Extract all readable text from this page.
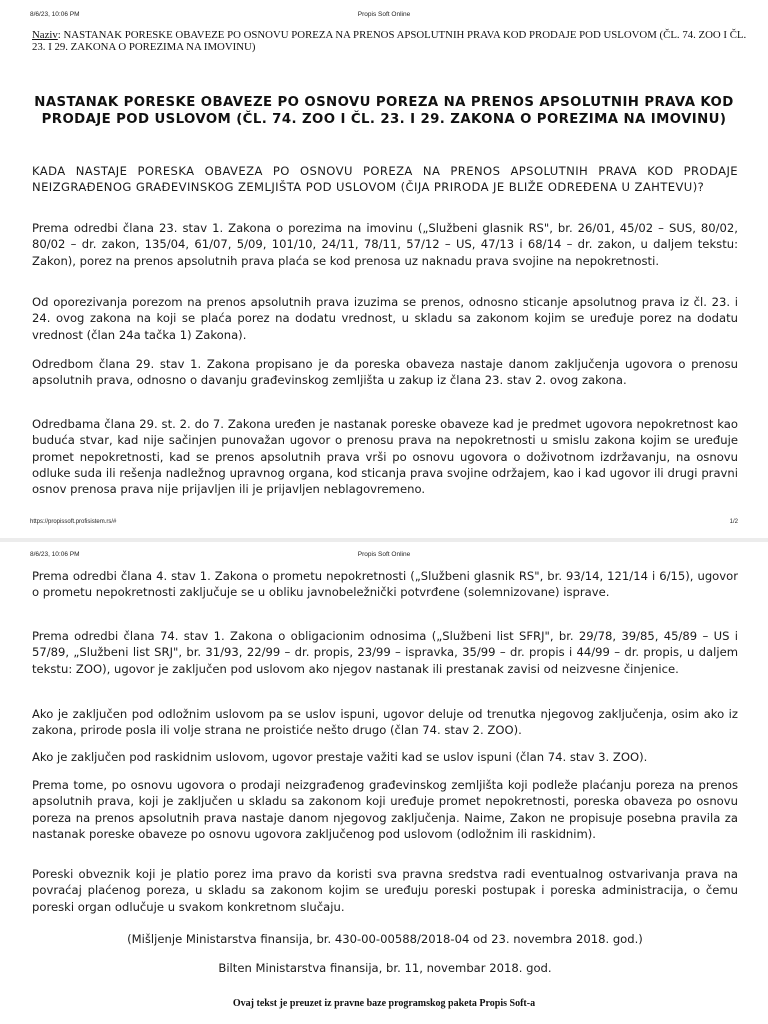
8/6/23, 10:06 PM	Propis Soft Online
Naziv: NASTANAK PORESKE OBAVEZE PO OSNOVU POREZA NA PRENOS APSOLUTNIH PRAVA KOD PRODAJE POD USLOVOM (ČL. 74. ZOO I ČL. 23. I 29. ZAKONA O POREZIMA NA IMOVINU)
NASTANAK PORESKE OBAVEZE PO OSNOVU POREZA NA PRENOS APSOLUTNIH PRAVA KOD PRODAJE POD USLOVOM (ČL. 74. ZOO I ČL. 23. I 29. ZAKONA O POREZIMA NA IMOVINU)

KADA NASTAJE PORESKA OBAVEZA PO OSNOVU POREZA NA PRENOS APSOLUTNIH PRAVA KOD PRODAJE NEIZGRAĐENOG GRAĐEVINSKOG ZEMLJIŠTA POD USLOVOM (ČIJA PRIRODA JE BLIŽE ODREĐENA U ZAHTEVU)?

Prema odredbi člana 23. stav 1. Zakona o porezima na imovinu („Službeni glasnik RS", br. 26/01, 45/02 – SUS, 80/02, 80/02 – dr. zakon, 135/04, 61/07, 5/09, 101/10, 24/11, 78/11, 57/12 – US, 47/13 i 68/14 – dr. zakon, u daljem tekstu: Zakon), porez na prenos apsolutnih prava plaća se kod prenosa uz naknadu prava svojine na nepokretnosti.

Od oporezivanja porezom na prenos apsolutnih prava izuzima se prenos, odnosno sticanje apsolutnog prava iz čl. 23. i 24. ovog zakona na koji se plaća porez na dodatu vrednost, u skladu sa zakonom kojim se uređuje porez na dodatu vrednost (član 24a tačka 1) Zakona).

Odredbom člana 29. stav 1. Zakona propisano je da poreska obaveza nastaje danom zaključenja ugovora o prenosu apsolutnih prava, odnosno o davanju građevinskog zemljišta u zakup iz člana 23. stav 2. ovog zakona.

Odredbama člana 29. st. 2. do 7. Zakona uređen je nastanak poreske obaveze kad je predmet ugovora nepokretnost kao buduća stvar, kad nije sačinjen punovažan ugovor o prenosu prava na nepokretnosti u smislu zakona kojim se uređuje promet nepokretnosti, kad se prenos apsolutnih prava vrši po osnovu ugovora o doživotnom izdržavanju, na osnovu odluke suda ili rešenja nadležnog upravnog organa, kod sticanja prava svojine održajem, kao i kad ugovor ili drugi pravni osnov prenosa prava nije prijavljen ili je prijavljen neblagovremeno.

https://propissoft.profisistem.rs/#	1/2
8/6/23, 10:06 PM	Propis Soft Online

Prema odredbi člana 4. stav 1. Zakona o prometu nepokretnosti („Službeni glasnik RS", br. 93/14, 121/14 i 6/15), ugovor o prometu nepokretnosti zaključuje se u obliku javnobeležnički potvrđene (solemnizovane) isprave.

Prema odredbi člana 74. stav 1. Zakona o obligacionim odnosima („Službeni list SFRJ", br. 29/78, 39/85, 45/89 – US i 57/89, „Službeni list SRJ", br. 31/93, 22/99 – dr. propis, 23/99 – ispravka, 35/99 – dr. propis i 44/99 – dr. propis, u daljem tekstu: ZOO), ugovor je zaključen pod uslovom ako njegov nastanak ili prestanak zavisi od neizvesne činjenice.

Ako je zaključen pod odložnim uslovom pa se uslov ispuni, ugovor deluje od trenutka njegovog zaključenja, osim ako iz zakona, prirode posla ili volje strana ne proistiće nešto drugo (član 74. stav 2. ZOO).

Ako je zaključen pod raskidnim uslovom, ugovor prestaje važiti kad se uslov ispuni (član 74. stav 3. ZOO).

Prema tome, po osnovu ugovora o prodaji neizgrađenog građevinskog zemljišta koji podleže plaćanju poreza na prenos apsolutnih prava, koji je zaključen u skladu sa zakonom koji uređuje promet nepokretnosti, poreska obaveza po osnovu poreza na prenos apsolutnih prava nastaje danom njegovog zaključenja. Naime, Zakon ne propisuje posebna pravila za nastanak poreske obaveze po osnovu ugovora zaključenog pod uslovom (odložnim ili raskidnim).

Poreski obveznik koji je platio porez ima pravo da koristi sva pravna sredstva radi eventualnog ostvarivanja prava na povraćaj plaćenog poreza, u skladu sa zakonom kojim se uređuju poreski postupak i poreska administracija, o čemu poreski organ odlučuje u svakom konkretnom slučaju.

(Mišljenje Ministarstva finansija, br. 430-00-00588/2018-04 od 23. novembra 2018. god.)

Bilten Ministarstva finansija, br. 11, novembar 2018. god.

Ovaj tekst je preuzet iz pravne baze programskog paketa Propis Soft-a
